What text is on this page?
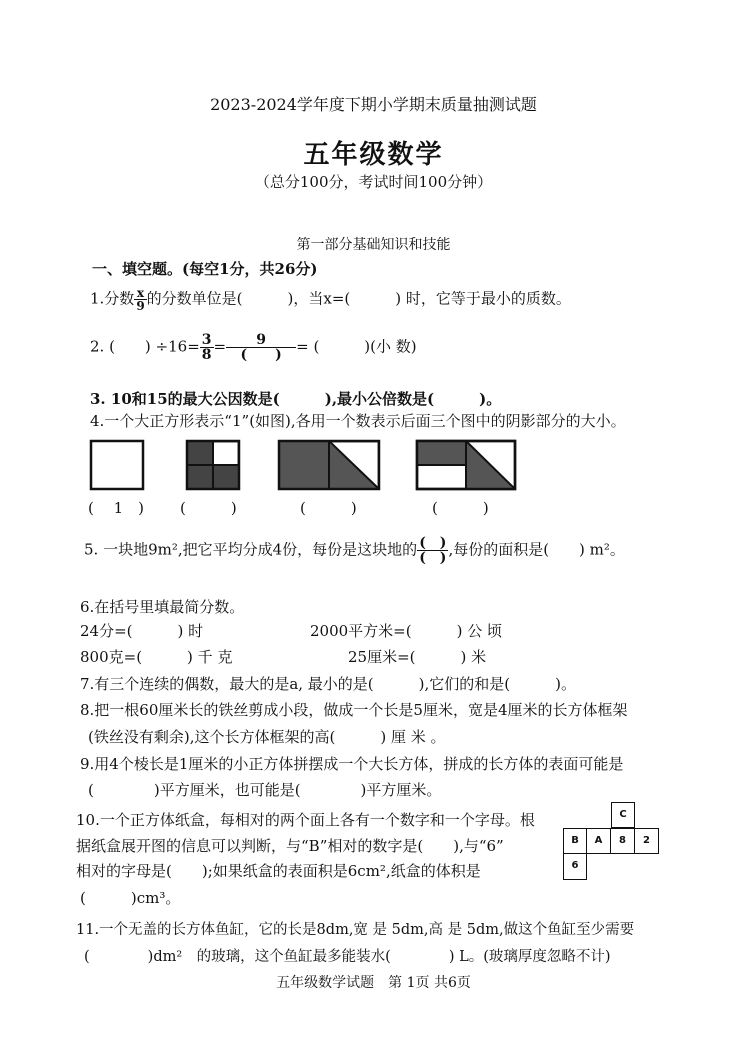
2023-2024学年度下期小学期末质量抽测试题
五年级数学
（总分100分，考试时间100分钟）
第一部分基础知识和技能
一、填空题。(每空1分，共26分)
1.分数 $\frac{x}{9}$ 的分数单位是(　　　)，当x=(　　　) 时，它等于最小的质数。
2. (　　) $\div 16= \frac{3}{8} = \frac{9}{( )}$ = (　　　)(小 数)
3. 10和15的最大公因数是(　　　),最小公倍数是(　　　)。
4.一个大正方形表示“1”(如图),各用一个数表示后面三个图中的阴影部分的大小。
(　 1　) (　　　)	(　　　)	(　　　)
5. 一块地9m²,把它平均分成4份，每份是这块地的 $\frac{( )}{( )}$ ,每份的面积是(　　) m²。
6.在括号里填最简分数。
24分=(　　　) 时	2000平方米=(　　　) 公 顷
800克=(　　　) 千 克	25厘米=(　　　) 米
7.有三个连续的偶数，最大的是a, 最小的是(　　　),它们的和是(　　　)。
8.把一根60厘米长的铁丝剪成小段，做成一个长是5厘米，宽是4厘米的长方体框架
(铁丝没有剩余),这个长方体框架的高(　　　) 厘 米 。
9.用4个棱长是1厘米的小正方体拼摆成一个大长方体，拼成的长方体的表面可能是
(　　　　)平方厘米，也可能是(　　　　)平方厘米。
10.一个正方体纸盒，每相对的两个面上各有一个数字和一个字母。根
据纸盒展开图的信息可以判断，与“B”相对的数字是(　　),与“6”
相对的字母是(　　);如果纸盒的表面积是6cm²,纸盒的体积是
(　　　)cm³。
C
B	A	8	2
6
11.一个无盖的长方体鱼缸，它的长是8dm,宽 是 5dm,高 是 5dm,做这个鱼缸至少需要
(　　　　)dm²　的玻璃，这个鱼缸最多能装水(　　　　) L。(玻璃厚度忽略不计)
五年级数学试题　第 1页 共6页
